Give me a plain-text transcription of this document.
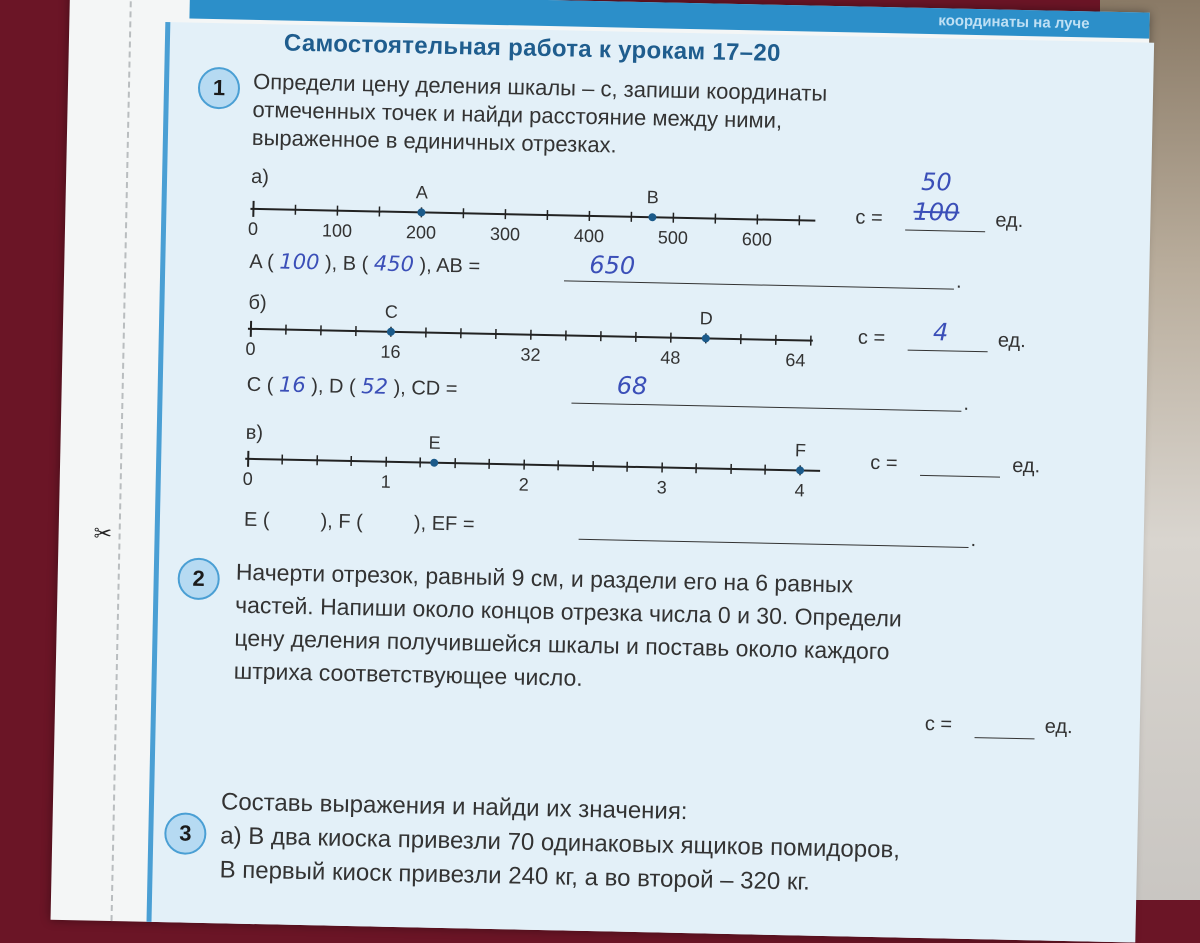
координаты на луче
✂
Самостоятельная работа к урокам 17–20
1	Определи цену деления шкалы – c, запиши координаты
отмеченных точек и найди расстояние между ними,
выраженное в единичных отрезках.
а)
A	B
0	100	200	300	400	500	600
c =
50
100 ед.
A ( 100 ), B ( 450 ), AB =	650
.
б)	C	D
0	16	32	48	64
c = 4 ед.
C ( 16 ), D ( 52 ), CD =	68
.
в)	E	F
0	1	2	3	4
c =	ед.
E (	), F (	), EF =
.
2	Начерти отрезок, равный 9 см, и раздели его на 6 равных
частей. Напиши около концов отрезка числа 0 и 30. Определи
цену деления получившейся шкалы и поставь около каждого
штриха соответствующее число.
c =	ед.
3
Составь выражения и найди их значения:
а) В два киоска привезли 70 одинаковых ящиков помидоров,
В первый киоск привезли 240 кг, а во второй – 320 кг.
